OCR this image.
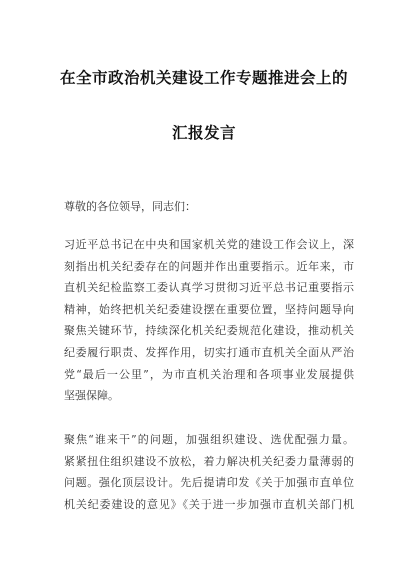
在全市政治机关建设工作专题推进会上的
汇报发言
尊敬的各位领导，同志们：
习近平总书记在中央和国家机关党的建设工作会议上，深
刻指出机关纪委存在的问题并作出重要指示。近年来，市
直机关纪检监察工委认真学习贯彻习近平总书记重要指示
精神，始终把机关纪委建设摆在重要位置，坚持问题导向
聚焦关键环节，持续深化机关纪委规范化建设，推动机关
纪委履行职责、发挥作用，切实打通市直机关全面从严治
党“最后一公里”，为市直机关治理和各项事业发展提供
坚强保障。
聚焦“谁来干”的问题，加强组织建设、选优配强力量。
紧紧扭住组织建设不放松，着力解决机关纪委力量薄弱的
问题。强化顶层设计。先后提请印发《关于加强市直单位
机关纪委建设的意见》《关于进一步加强市直机关部门机
